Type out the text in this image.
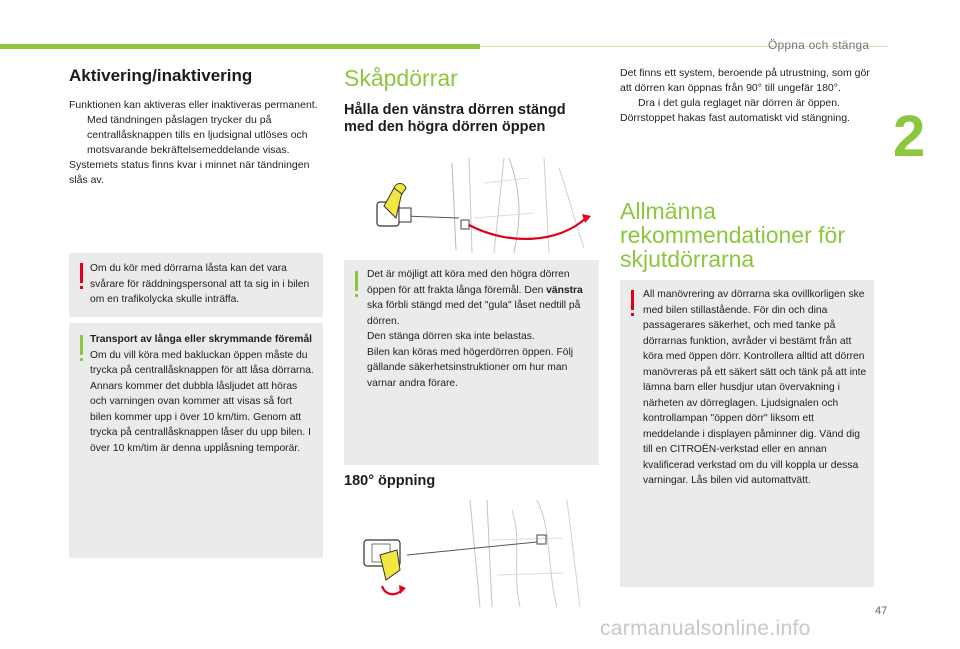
Öppna och stänga
2
47
carmanualsonline.info
Aktivering/inaktivering

Funktionen kan aktiveras eller inaktiveras permanent.

Med tändningen påslagen trycker du på centrallåsknappen tills en ljudsignal utlöses och motsvarande bekräftelsemeddelande visas.

Systemets status finns kvar i minnet när tändningen slås av.

Om du kör med dörrarna låsta kan det vara svårare för räddningspersonal att ta sig in i bilen om en trafikolycka skulle inträffa.
Transport av långa eller skrymmande föremål
Om du vill köra med bakluckan öppen måste du trycka på centrallåsknappen för att låsa dörrarna. Annars kommer det dubbla låsljudet att höras och varningen ovan kommer att visas så fort bilen kommer upp i över 10 km/tim. Genom att trycka på centrallåsknappen låser du upp bilen. I över 10 km/tim är denna upplåsning temporär.
Skåpdörrar
Hålla den vänstra dörren stängd med den högra dörren öppen
Det är möjligt att köra med den högra dörren öppen för att frakta långa föremål. Den vänstra ska förbli stängd med det "gula" låset nedtill på dörren.
Den stänga dörren ska inte belastas.
Bilen kan köras med högerdörren öppen. Följ gällande säkerhetsinstruktioner om hur man varnar andra förare.
180° öppning

Det finns ett system, beroende på utrustning, som gör att dörren kan öppnas från 90° till ungefär 180°.

Dra i det gula reglaget när dörren är öppen.

Dörrstoppet hakas fast automatiskt vid stängning.

Allmänna
rekommendationer för
skjutdörrarna
All manövrering av dörrarna ska ovillkorligen ske med bilen stillastående. För din och dina passagerares säkerhet, och med tanke på dörrarnas funktion, avråder vi bestämt från att köra med öppen dörr. Kontrollera alltid att dörren manövreras på ett säkert sätt och tänk på att inte lämna barn eller husdjur utan övervakning i närheten av dörreglagen. Ljudsignalen och kontrollampan "öppen dörr" liksom ett meddelande i displayen påminner dig. Vänd dig till en CITROËN-verkstad eller en annan kvalificerad verkstad om du vill koppla ur dessa varningar. Lås bilen vid automattvätt.
